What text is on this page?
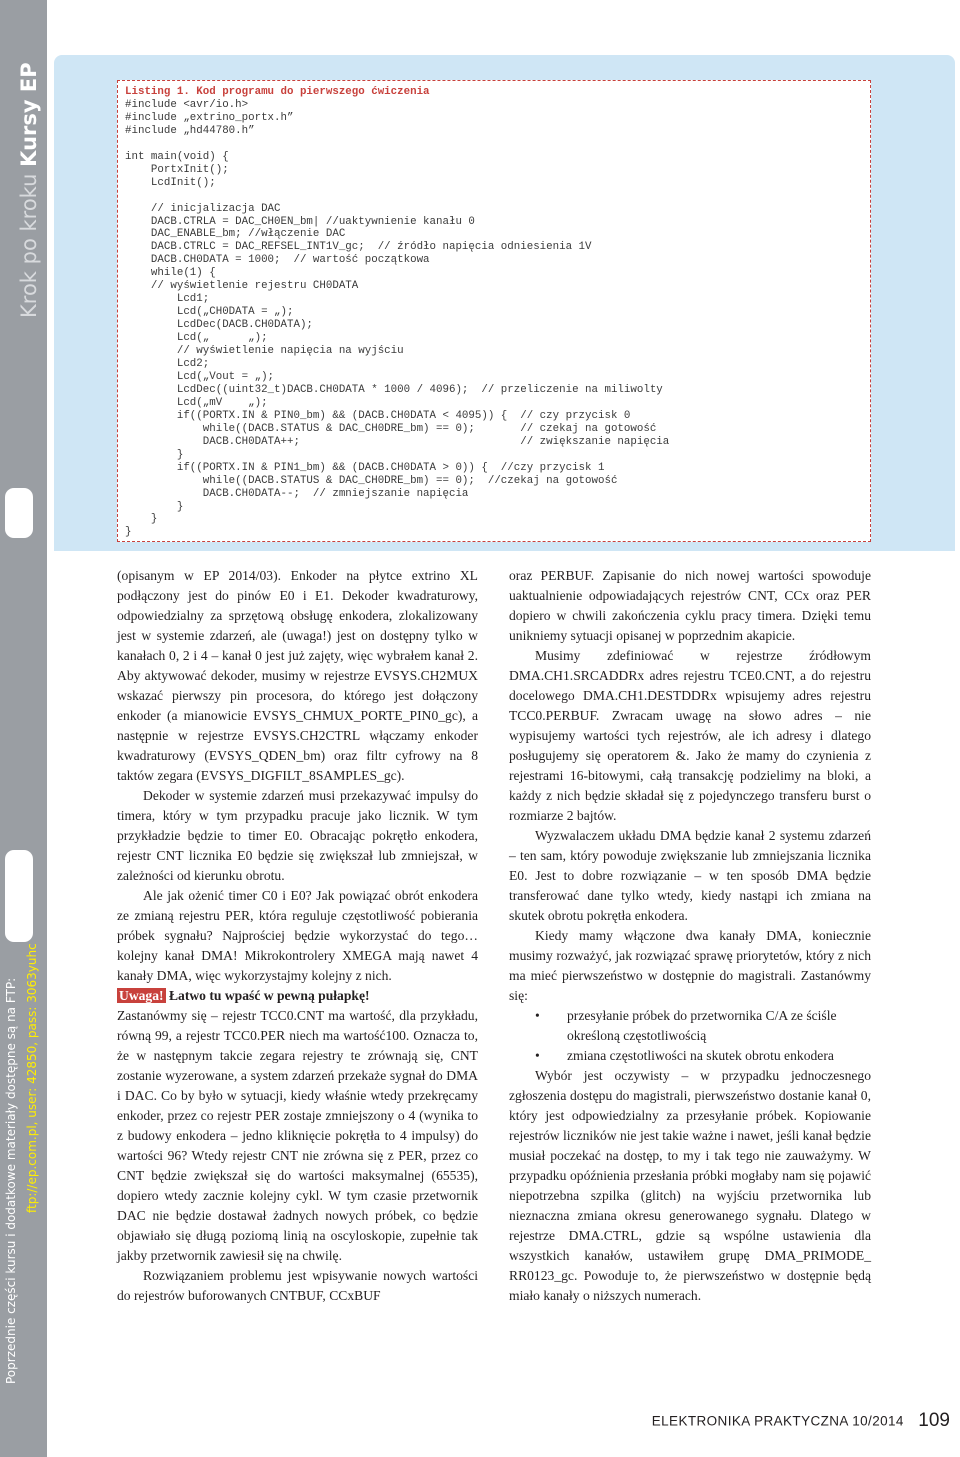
Krok po kroku Kursy EP
Poprzednie części kursu i dodatkowe materiały dostępne są na FTP: ftp://ep.com.pl, user: 42850, pass: 3063yuhc
Listing 1. Kod programu do pierwszego ćwiczenia
#include <avr/io.h>
#include „extrino_portx.h”
#include „hd44780.h”

int main(void) {
PortxInit();
LcdInit();

// inicjalizacja DAC
DACB.CTRLA = DAC_CH0EN_bm| //uaktywnienie kanału 0
DAC_ENABLE_bm; //włączenie DAC
DACB.CTRLC = DAC_REFSEL_INT1V_gc;  // źródło napięcia odniesienia 1V
DACB.CH0DATA = 1000;  // wartość początkowa
while(1) {
// wyświetlenie rejestru CH0DATA
Lcd1;
Lcd(„CH0DATA = „);
LcdDec(DACB.CH0DATA);
Lcd(„      „);
// wyświetlenie napięcia na wyjściu
Lcd2;
Lcd(„Vout = „);
LcdDec((uint32_t)DACB.CH0DATA * 1000 / 4096);  // przeliczenie na miliwolty
Lcd(„mV    „);
if((PORTX.IN & PIN0_bm) && (DACB.CH0DATA < 4095)) {  // czy przycisk 0
while((DACB.STATUS & DAC_CH0DRE_bm) == 0);       // czekaj na gotowość
DACB.CH0DATA++;                                  // zwiększanie napięcia
}
if((PORTX.IN & PIN1_bm) && (DACB.CH0DATA > 0)) {  //czy przycisk 1
while((DACB.STATUS & DAC_CH0DRE_bm) == 0);  //czekaj na gotowość
DACB.CH0DATA--;  // zmniejszanie napięcia
}
}
}

(opisanym w EP 2014/03). Enkoder na płytce extrino XL podłączony jest do pinów E0 i E1. Dekoder kwadraturowy, odpowiedzialny za sprzętową obsługę enkodera, zlokalizowany jest w systemie zdarzeń, ale (uwaga!) jest on dostępny tylko w kanałach 0, 2 i 4 – kanał 0 jest już zajęty, więc wybrałem kanał 2. Aby aktywować dekoder, musimy w rejestrze EVSYS.CH2MUX wskazać pierwszy pin procesora, do którego jest dołączony enkoder (a mianowicie EVSYS_CHMUX_PORTE_PIN0_gc), a następnie w rejestrze EVSYS.CH2CTRL włączamy enkoder kwadraturowy (EVSYS_QDEN_bm) oraz filtr cyfrowy na 8 taktów zegara (EVSYS_DIGFILT_8SAMPLES_gc).

Dekoder w systemie zdarzeń musi przekazywać impulsy do timera, który w tym przypadku pracuje jako licznik. W tym przykładzie będzie to timer E0. Obracając pokrętło enkodera, rejestr CNT licznika E0 będzie się zwiększał lub zmniejszał, w zależności od kierunku obrotu.

Ale jak ożenić timer C0 i E0? Jak powiązać obrót enkodera ze zmianą rejestru PER, która reguluje częstotliwość pobierania próbek sygnału? Najprościej będzie wykorzystać do tego… kolejny kanał DMA! Mikrokontrolery XMEGA mają nawet 4 kanały DMA, więc wykorzystajmy kolejny z nich.

Uwaga! Łatwo tu wpaść w pewną pułapkę!

Zastanówmy się – rejestr TCC0.CNT ma wartość, dla przykładu, równą 99, a rejestr TCC0.PER niech ma wartość100. Oznacza to, że w następnym takcie zegara rejestry te zrównają się, CNT zostanie wyzerowane, a system zdarzeń przekaże sygnał do DMA i DAC. Co by było w sytuacji, kiedy właśnie wtedy przekręcamy enkoder, przez co rejestr PER zostaje zmniejszony o 4 (wynika to z budowy enkodera – jedno kliknięcie pokrętła to 4 impulsy) do wartości 96? Wtedy rejestr CNT nie zrówna się z PER, przez co CNT będzie zwiększał się do wartości maksymalnej (65535), dopiero wtedy zacznie kolejny cykl. W tym czasie przetwornik DAC nie będzie dostawał żadnych nowych próbek, co będzie objawiało się długą poziomą linią na oscyloskopie, zupełnie tak jakby przetwornik zawiesił się na chwilę.

Rozwiązaniem problemu jest wpisywanie nowych wartości do rejestrów buforowanych CNTBUF, CCxBUF

oraz PERBUF. Zapisanie do nich nowej wartości spowoduje uaktualnienie odpowiadających rejestrów CNT, CCx oraz PER dopiero w chwili zakończenia cyklu pracy timera. Dzięki temu unikniemy sytuacji opisanej w poprzednim akapicie.

Musimy zdefiniować w rejestrze źródłowym DMA.CH1.SRCADDRx adres rejestru TCE0.CNT, a do rejestru docelowego DMA.CH1.DESTDDRx wpisujemy adres rejestru TCC0.PERBUF. Zwracam uwagę na słowo adres – nie wypisujemy wartości tych rejestrów, ale ich adresy i dlatego posługujemy się operatorem &. Jako że mamy do czynienia z rejestrami 16-bitowymi, całą transakcję podzielimy na bloki, a każdy z nich będzie składał się z pojedynczego transferu burst o rozmiarze 2 bajtów.

Wyzwalaczem układu DMA będzie kanał 2 systemu zdarzeń – ten sam, który powoduje zwiększanie lub zmniejszania licznika E0. Jest to dobre rozwiązanie – w ten sposób DMA będzie transferować dane tylko wtedy, kiedy nastąpi ich zmiana na skutek obrotu pokrętła enkodera.

Kiedy mamy włączone dwa kanały DMA, koniecznie musimy rozważyć, jak rozwiązać sprawę priorytetów, który z nich ma mieć pierwszeństwo w dostępnie do magistrali. Zastanówmy się:

• przesyłanie próbek do przetwornika C/A ze ściśle określoną częstotliwością
• zmiana częstotliwości na skutek obrotu enkodera

Wybór jest oczywisty – w przypadku jednoczesnego zgłoszenia dostępu do magistrali, pierwszeństwo dostanie kanał 0, który jest odpowiedzialny za przesyłanie próbek. Kopiowanie rejestrów liczników nie jest takie ważne i nawet, jeśli kanał będzie musiał poczekać na dostęp, to my i tak tego nie zauważymy. W przypadku opóźnienia przesłania próbki mogłaby nam się pojawić niepotrzebna szpilka (glitch) na wyjściu przetwornika lub nieznaczna zmiana okresu generowanego sygnału. Dlatego w rejestrze DMA.CTRL, gdzie są wspólne ustawienia dla wszystkich kanałów, ustawiłem grupę DMA_PRIMODE_ RR0123_gc. Powoduje to, że pierwszeństwo w dostępnie będą miało kanały o niższych numerach.

ELEKTRONIKA PRAKTYCZNA 10/2014 109
